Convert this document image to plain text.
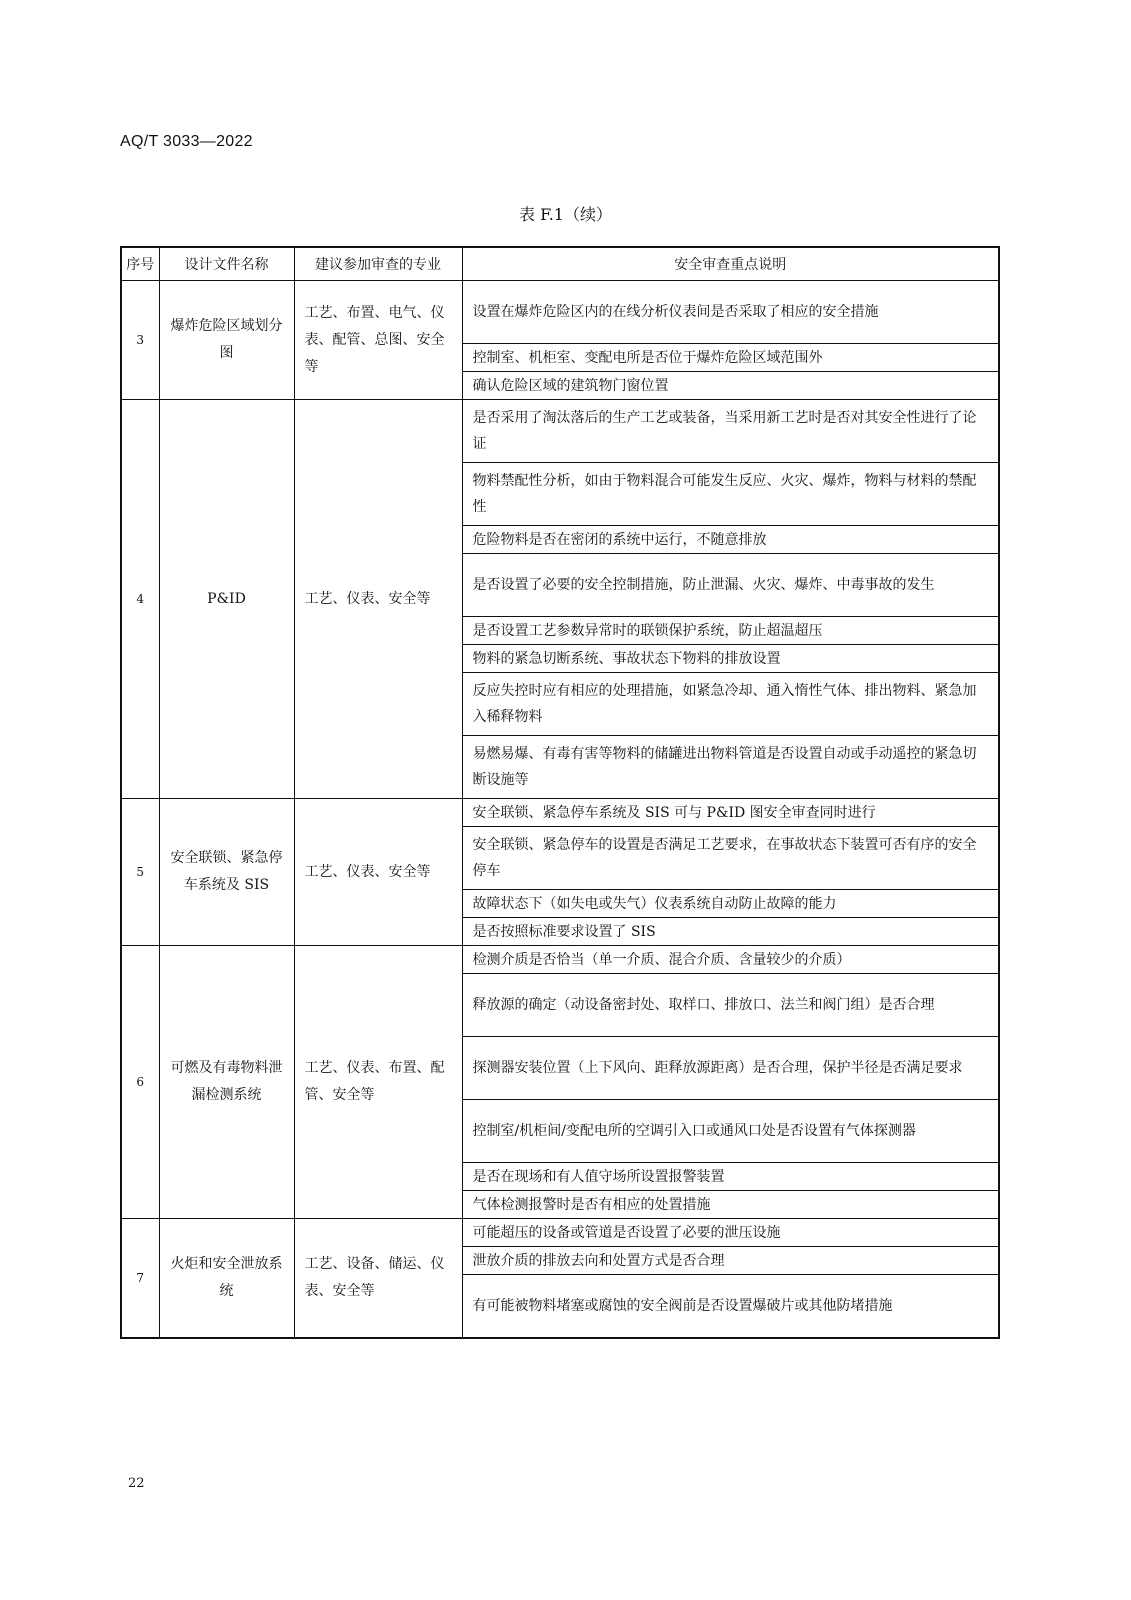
AQ/T 3033—2022
表 F.1（续）
序号	设计文件名称	建议参加审查的专业	安全审查重点说明
3	爆炸危险区域划分图	工艺、布置、电气、仪表、配管、总图、安全等	设置在爆炸危险区内的在线分析仪表间是否采取了相应的安全措施
			控制室、机柜室、变配电所是否位于爆炸危险区域范围外
			确认危险区域的建筑物门窗位置
4	P&ID	工艺、仪表、安全等	是否采用了淘汰落后的生产工艺或装备，当采用新工艺时是否对其安全性进行了论证
			物料禁配性分析，如由于物料混合可能发生反应、火灾、爆炸，物料与材料的禁配性
			危险物料是否在密闭的系统中运行，不随意排放
			是否设置了必要的安全控制措施，防止泄漏、火灾、爆炸、中毒事故的发生
			是否设置工艺参数异常时的联锁保护系统，防止超温超压
			物料的紧急切断系统、事故状态下物料的排放设置
			反应失控时应有相应的处理措施，如紧急冷却、通入惰性气体、排出物料、紧急加入稀释物料
			易燃易爆、有毒有害等物料的储罐进出物料管道是否设置自动或手动遥控的紧急切断设施等
5	安全联锁、紧急停车系统及 SIS	工艺、仪表、安全等	安全联锁、紧急停车系统及 SIS 可与 P&ID 图安全审查同时进行
			安全联锁、紧急停车的设置是否满足工艺要求，在事故状态下装置可否有序的安全停车
			故障状态下（如失电或失气）仪表系统自动防止故障的能力
			是否按照标准要求设置了 SIS
6	可燃及有毒物料泄漏检测系统	工艺、仪表、布置、配管、安全等	检测介质是否恰当（单一介质、混合介质、含量较少的介质）
			释放源的确定（动设备密封处、取样口、排放口、法兰和阀门组）是否合理
			探测器安装位置（上下风向、距释放源距离）是否合理，保护半径是否满足要求
			控制室/机柜间/变配电所的空调引入口或通风口处是否设置有气体探测器
			是否在现场和有人值守场所设置报警装置
			气体检测报警时是否有相应的处置措施
7	火炬和安全泄放系统	工艺、设备、储运、仪表、安全等	可能超压的设备或管道是否设置了必要的泄压设施
			泄放介质的排放去向和处置方式是否合理
			有可能被物料堵塞或腐蚀的安全阀前是否设置爆破片或其他防堵措施
22
